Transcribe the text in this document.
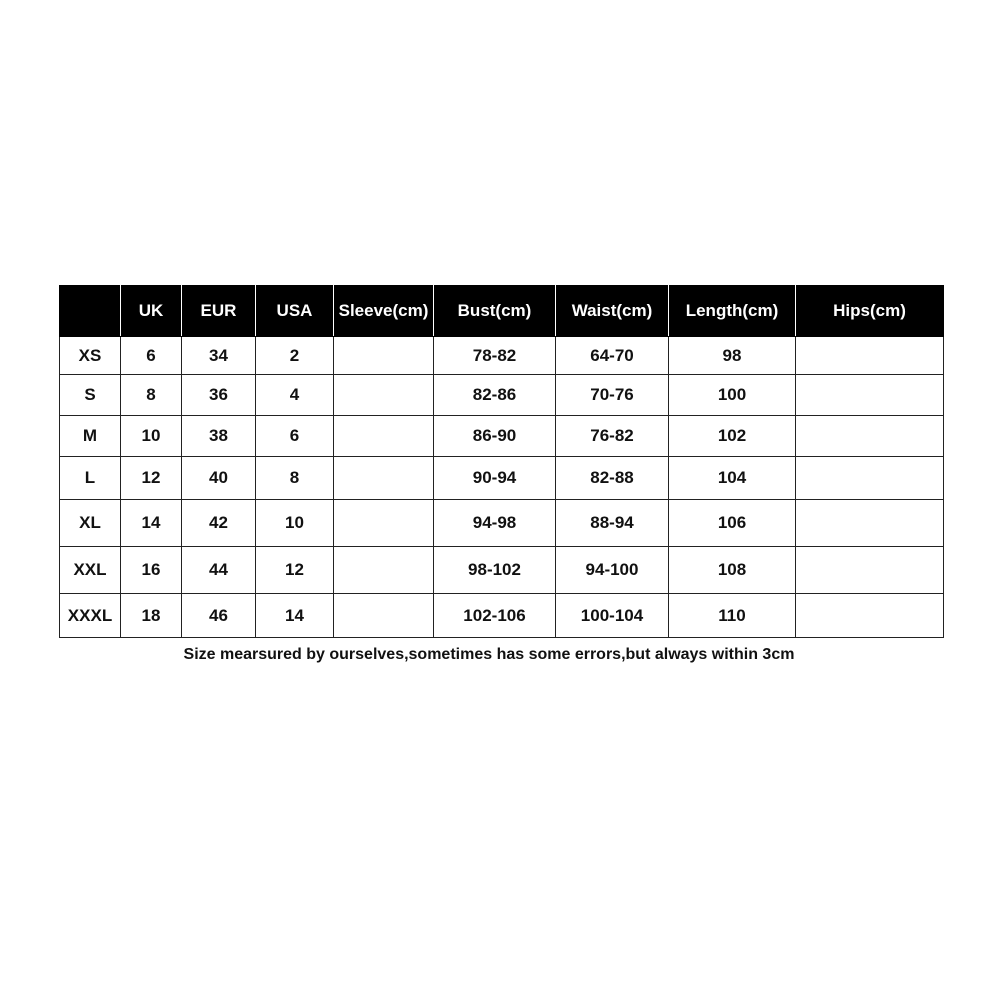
	UK	EUR	USA	Sleeve(cm)	Bust(cm)	Waist(cm)	Length(cm)	Hips(cm)
XS	6	34	2		78-82	64-70	98	
S	8	36	4		82-86	70-76	100	
M	10	38	6		86-90	76-82	102	
L	12	40	8		90-94	82-88	104	
XL	14	42	10		94-98	88-94	106	
XXL	16	44	12		98-102	94-100	108	
XXXL	18	46	14		102-106	100-104	110	
Size mearsured by ourselves,sometimes has some errors,but always within 3cm
